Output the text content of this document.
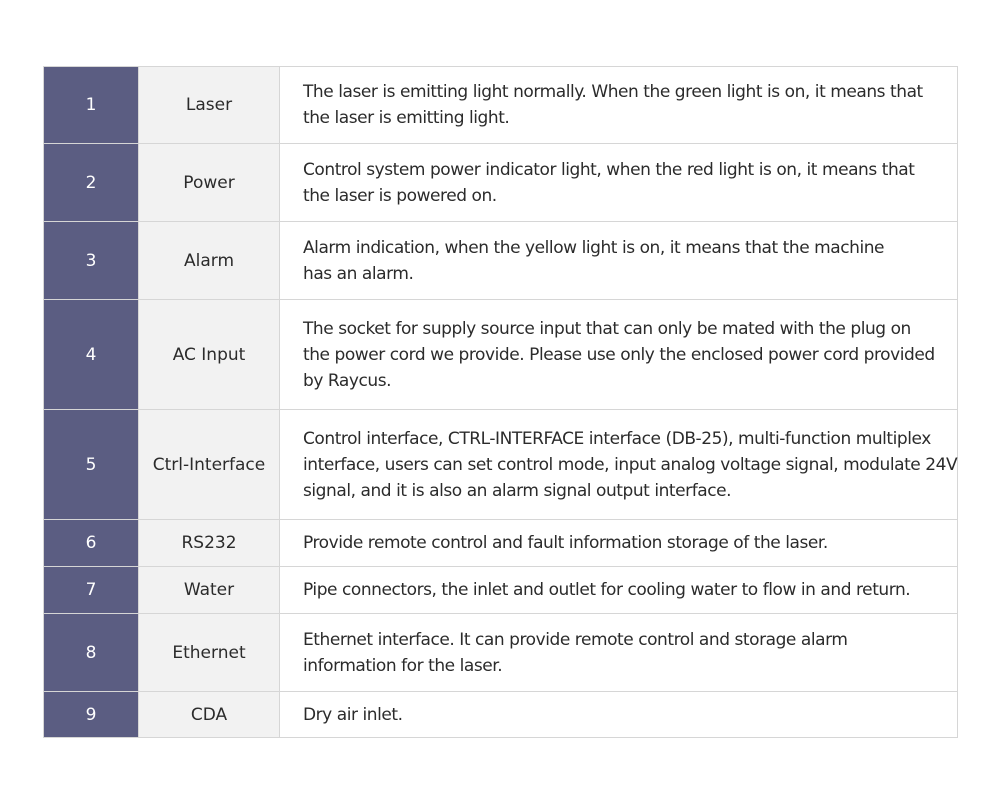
1	Laser	The laser is emitting light normally. When the green light is on, it means that
the laser is emitting light.

2	Power	Control system power indicator light, when the red light is on, it means that
the laser is powered on.

3	Alarm	Alarm indication, when the yellow light is on, it means that the machine
has an alarm.

4	AC Input	The socket for supply source input that can only be mated with the plug on
the power cord we provide. Please use only the enclosed power cord provided
by Raycus.

5	Ctrl-Interface	Control interface, CTRL-INTERFACE interface (DB-25), multi-function multiplex
interface, users can set control mode, input analog voltage signal, modulate 24V
signal, and it is also an alarm signal output interface.

6	RS232	Provide remote control and fault information storage of the laser.

7	Water	Pipe connectors, the inlet and outlet for cooling water to flow in and return.

8	Ethernet	Ethernet interface. It can provide remote control and storage alarm
information for the laser.

9	CDA	Dry air inlet.
